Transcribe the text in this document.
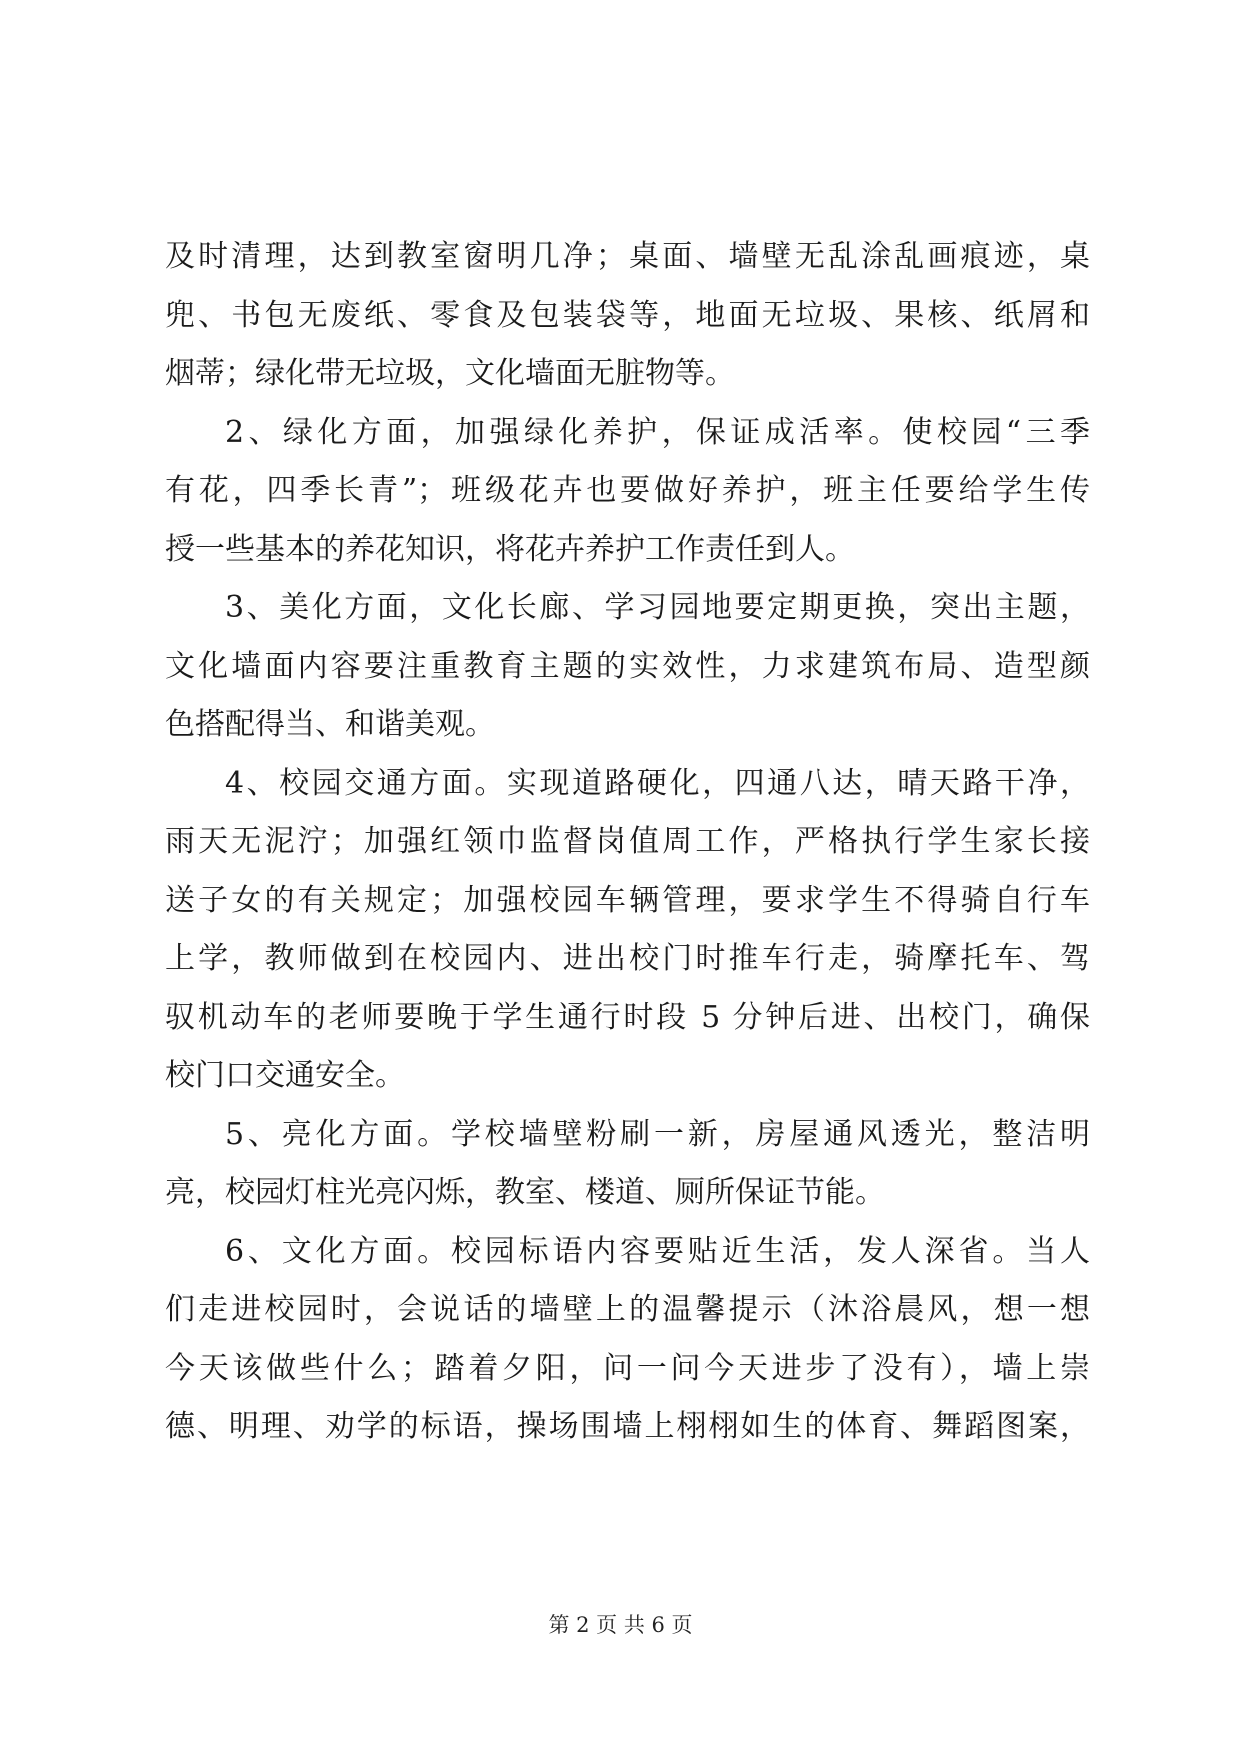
及时清理，达到教室窗明几净；桌面、墙壁无乱涂乱画痕迹，桌
兜、书包无废纸、零食及包装袋等，地面无垃圾、果核、纸屑和
烟蒂；绿化带无垃圾，文化墙面无脏物等。
2、绿化方面，加强绿化养护，保证成活率。使校园“三季
有花，四季长青”；班级花卉也要做好养护，班主任要给学生传
授一些基本的养花知识，将花卉养护工作责任到人。
3、美化方面，文化长廊、学习园地要定期更换，突出主题，
文化墙面内容要注重教育主题的实效性，力求建筑布局、造型颜
色搭配得当、和谐美观。
4、校园交通方面。实现道路硬化，四通八达，晴天路干净，
雨天无泥泞；加强红领巾监督岗值周工作，严格执行学生家长接
送子女的有关规定；加强校园车辆管理，要求学生不得骑自行车
上学，教师做到在校园内、进出校门时推车行走，骑摩托车、驾
驭机动车的老师要晚于学生通行时段 5 分钟后进、出校门，确保
校门口交通安全。
5、亮化方面。学校墙壁粉刷一新，房屋通风透光，整洁明
亮，校园灯柱光亮闪烁，教室、楼道、厕所保证节能。
6、文化方面。校园标语内容要贴近生活，发人深省。当人
们走进校园时，会说话的墙壁上的温馨提示（沐浴晨风，想一想
今天该做些什么；踏着夕阳，问一问今天进步了没有），墙上崇
德、明理、劝学的标语，操场围墙上栩栩如生的体育、舞蹈图案，
第 2 页 共 6 页
